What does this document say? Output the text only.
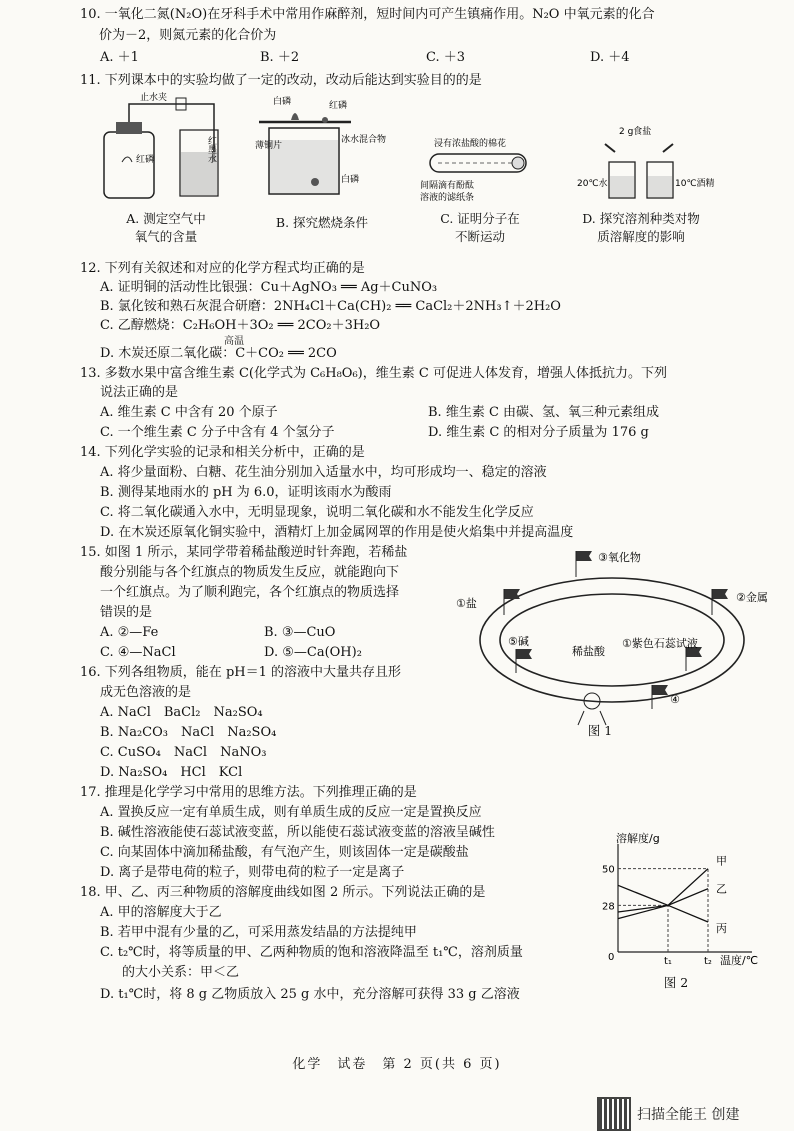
10. 一氧化二氮(N₂O)在牙科手术中常用作麻醉剂，短时间内可产生镇痛作用。N₂O 中氧元素的化合
价为－2，则氮元素的化合价为
A. ＋1	B. ＋2	C. ＋3	D. ＋4
11. 下列课本中的实验均做了一定的改动，改动后能达到实验目的的是
止水夹
红磷	红墨水
A. 测定空气中
氧气的含量
白磷	红磷
薄铜片
冰水混合物
白磷
B. 探究燃烧条件
浸有浓盐酸的棉花
间隔滴有酚酞
溶液的滤纸条
C. 证明分子在
不断运动
2 g食盐
20℃水	10℃酒精
D. 探究溶剂种类对物
质溶解度的影响
12. 下列有关叙述和对应的化学方程式均正确的是
A. 证明铜的活动性比银强：Cu＋AgNO₃ ══ Ag＋CuNO₃
B. 氯化铵和熟石灰混合研磨：2NH₄Cl＋Ca(CH)₂ ══ CaCl₂＋2NH₃↑＋2H₂O
C. 乙醇燃烧：C₂H₆OH＋3O₂ ══ 2CO₂＋3H₂O
高温
D. 木炭还原二氧化碳：C＋CO₂ ══ 2CO
13. 多数水果中富含维生素 C(化学式为 C₆H₈O₆)，维生素 C 可促进人体发育，增强人体抵抗力。下列
说法正确的是
A. 维生素 C 中含有 20 个原子	B. 维生素 C 由碳、氢、氧三种元素组成
C. 一个维生素 C 分子中含有 4 个氢分子	D. 维生素 C 的相对分子质量为 176 g
14. 下列化学实验的记录和相关分析中，正确的是
A. 将少量面粉、白糖、花生油分别加入适量水中，均可形成均一、稳定的溶液
B. 测得某地雨水的 pH 为 6.0，证明该雨水为酸雨
C. 将二氧化碳通入水中，无明显现象，说明二氧化碳和水不能发生化学反应
D. 在木炭还原氧化铜实验中，酒精灯上加金属网罩的作用是使火焰集中并提高温度
15. 如图 1 所示，某同学带着稀盐酸逆时针奔跑，若稀盐
酸分别能与各个红旗点的物质发生反应，就能跑向下
一个红旗点。为了顺利跑完，各个红旗点的物质选择
错误的是
A. ②—Fe	B. ③—CuO
C. ④—NaCl	D. ⑤—Ca(OH)₂
③氧化物
①盐	②金属
⑤碱
稀盐酸
①紫色石蕊试液
④
图 1
16. 下列各组物质，能在 pH＝1 的溶液中大量共存且形
成无色溶液的是
A. NaCl　BaCl₂　Na₂SO₄
B. Na₂CO₃　NaCl　Na₂SO₄
C. CuSO₄　NaCl　NaNO₃
D. Na₂SO₄　HCl　KCl
17. 推理是化学学习中常用的思维方法。下列推理正确的是
A. 置换反应一定有单质生成，则有单质生成的反应一定是置换反应
B. 碱性溶液能使石蕊试液变蓝，所以能使石蕊试液变蓝的溶液呈碱性
C. 向某固体中滴加稀盐酸，有气泡产生，则该固体一定是碳酸盐
D. 离子是带电荷的粒子，则带电荷的粒子一定是离子
18. 甲、乙、丙三种物质的溶解度曲线如图 2 所示。下列说法正确的是
A. 甲的溶解度大于乙
B. 若甲中混有少量的乙，可采用蒸发结晶的方法提纯甲
C. t₂℃时，将等质量的甲、乙两种物质的饱和溶液降温至 t₁℃，溶剂质量
的大小关系：甲＜乙
D. t₁℃时，将 8 g 乙物质放入 25 g 水中，充分溶解可获得 33 g 乙溶液
溶解度/g
温度/℃
0
50
28
t₁	t₂
甲
乙
丙
图 2
化学　试卷　第 2 页(共 6 页)
扫描全能王 创建
